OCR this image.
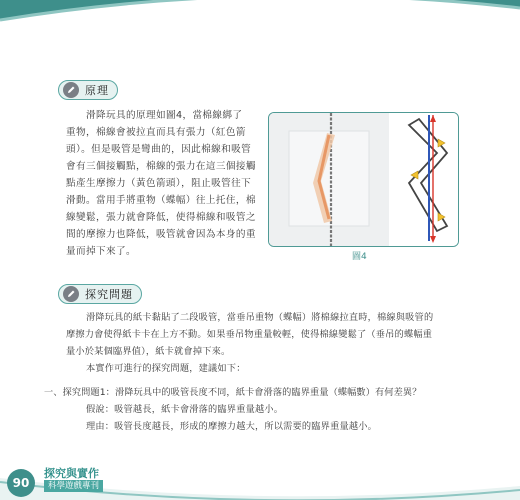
原理

滑降玩具的原理如圖4，當棉線綁了

重物，棉線會被拉直而具有張力（紅色箭

頭）。但是吸管是彎曲的，因此棉線和吸管

會有三個接觸點，棉線的張力在這三個接觸

點產生摩擦力（黃色箭頭），阻止吸管往下

滑動。當用手將重物（蝶幅）往上托住，棉

線變鬆，張力就會降低，使得棉線和吸管之

間的摩擦力也降低，吸管就會因為本身的重

量而掉下來了。	圖4
探究問題

滑降玩具的紙卡黏貼了二段吸管，當垂吊重物（蝶幅）將棉線拉直時，棉線與吸管的

摩擦力會使得紙卡卡在上方不動。如果垂吊物重量較輕，使得棉線變鬆了（垂吊的蝶幅重

量小於某個臨界值），紙卡就會掉下來。

本實作可進行的探究問題，建議如下：

一、探究問題1：滑降玩具中的吸管長度不同，紙卡會滑落的臨界重量（蝶幅數）有何差異？

假說：吸管越長，紙卡會滑落的臨界重量越小。

理由：吸管長度越長，形成的摩擦力越大，所以需要的臨界重量越小。

90
探究與實作
科學遊戲專刊
